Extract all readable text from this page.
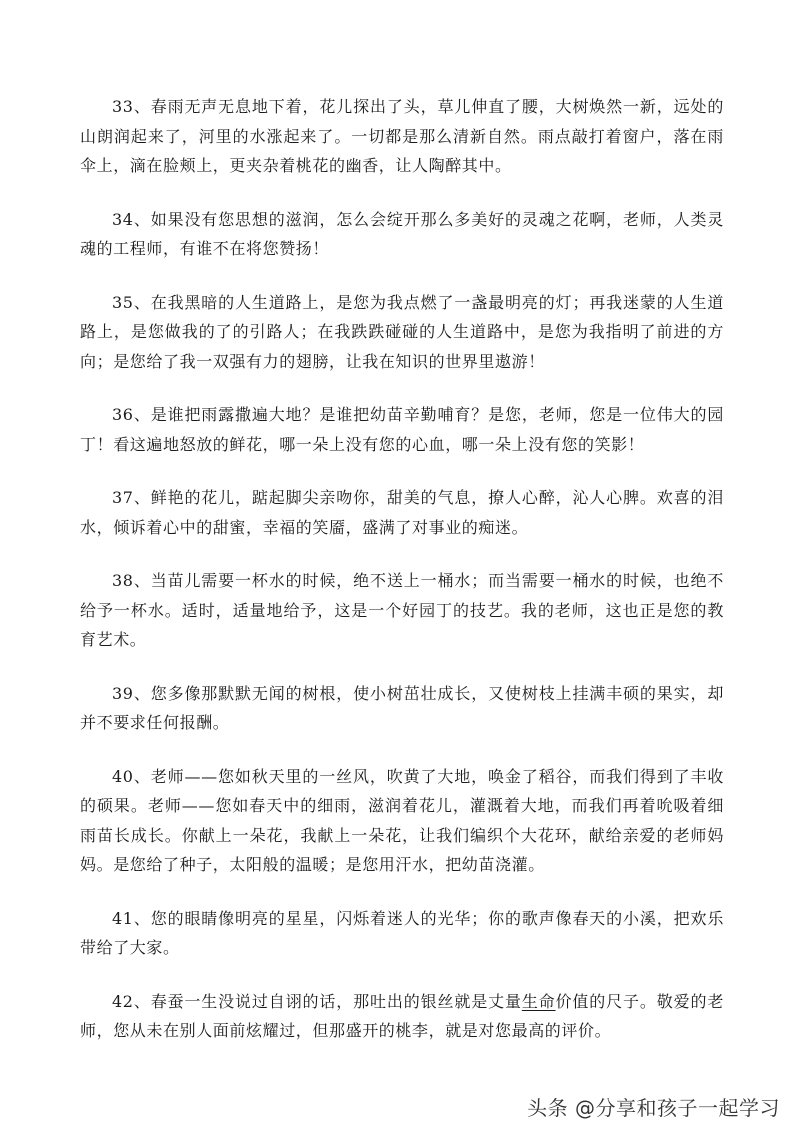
33、春雨无声无息地下着，花儿探出了头，草儿伸直了腰，大树焕然一新，远处的山朗润起来了，河里的水涨起来了。一切都是那么清新自然。雨点敲打着窗户，落在雨伞上，滴在脸颊上，更夹杂着桃花的幽香，让人陶醉其中。

34、如果没有您思想的滋润，怎么会绽开那么多美好的灵魂之花啊，老师，人类灵魂的工程师，有谁不在将您赞扬！

35、在我黑暗的人生道路上，是您为我点燃了一盏最明亮的灯；再我迷蒙的人生道路上，是您做我的了的引路人；在我跌跌碰碰的人生道路中，是您为我指明了前进的方向；是您给了我一双强有力的翅膀，让我在知识的世界里遨游！

36、是谁把雨露撒遍大地？是谁把幼苗辛勤哺育？是您，老师，您是一位伟大的园丁！看这遍地怒放的鲜花，哪一朵上没有您的心血，哪一朵上没有您的笑影！

37、鲜艳的花儿，踮起脚尖亲吻你，甜美的气息，撩人心醉，沁人心脾。欢喜的泪水，倾诉着心中的甜蜜，幸福的笑靥，盛满了对事业的痴迷。

38、当苗儿需要一杯水的时候，绝不送上一桶水；而当需要一桶水的时候，也绝不给予一杯水。适时，适量地给予，这是一个好园丁的技艺。我的老师，这也正是您的教育艺术。

39、您多像那默默无闻的树根，使小树茁壮成长，又使树枝上挂满丰硕的果实，却并不要求任何报酬。

40、老师——您如秋天里的一丝风，吹黄了大地，唤金了稻谷，而我们得到了丰收的硕果。老师——您如春天中的细雨，滋润着花儿，灌溉着大地，而我们再着吮吸着细雨苗长成长。你献上一朵花，我献上一朵花，让我们编织个大花环，献给亲爱的老师妈妈。是您给了种子，太阳般的温暖；是您用汗水，把幼苗浇灌。

41、您的眼睛像明亮的星星，闪烁着迷人的光华；你的歌声像春天的小溪，把欢乐带给了大家。

42、春蚕一生没说过自诩的话，那吐出的银丝就是丈量生命价值的尺子。敬爱的老师，您从未在别人面前炫耀过，但那盛开的桃李，就是对您最高的评价。

头条 @分享和孩子一起学习
